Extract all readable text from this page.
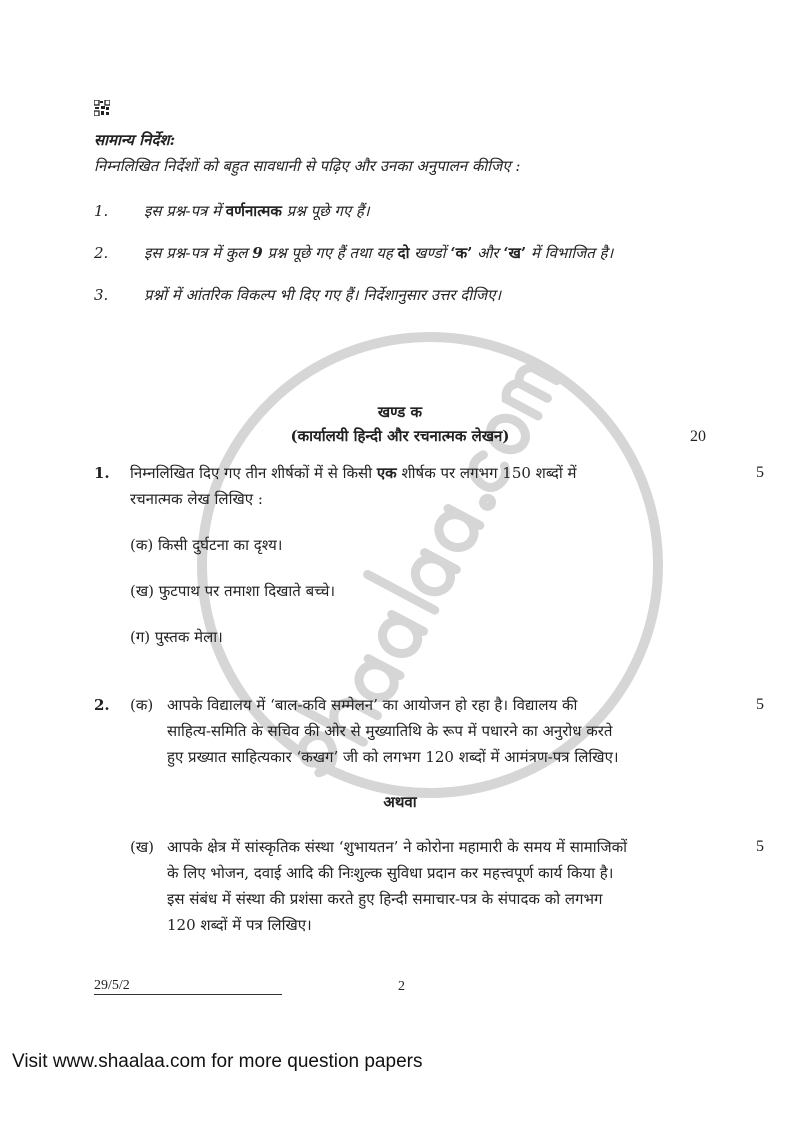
सामान्य निर्देश:
निम्नलिखित निर्देशों को बहुत सावधानी से पढ़िए और उनका अनुपालन कीजिए :
1.	इस प्रश्न-पत्र में वर्णनात्मक प्रश्न पूछे गए हैं।
2.	इस प्रश्न-पत्र में कुल 9 प्रश्न पूछे गए हैं तथा यह दो खण्डों ‘क’ और ‘ख’ में विभाजित है।
3.	प्रश्नों में आंतरिक विकल्प भी दिए गए हैं। निर्देशानुसार उत्तर दीजिए।
खण्ड क
(कार्यालयी हिन्दी और रचनात्मक लेखन)	20
1.	निम्नलिखित दिए गए तीन शीर्षकों में से किसी एक शीर्षक पर लगभग 150 शब्दों में
रचनात्मक लेख लिखिए :
(क) किसी दुर्घटना का दृश्य।
(ख) फुटपाथ पर तमाशा दिखाते बच्चे।
(ग) पुस्तक मेला।
5
2.	(क) आपके विद्यालय में ‘बाल-कवि सम्मेलन’ का आयोजन हो रहा है। विद्यालय की
साहित्य-समिति के सचिव की ओर से मुख्यातिथि के रूप में पधारने का अनुरोध करते
हुए प्रख्यात साहित्यकार ‘कखग’ जी को लगभग 120 शब्दों में आमंत्रण-पत्र लिखिए।
5
अथवा
(ख) आपके क्षेत्र में सांस्कृतिक संस्था ‘शुभायतन’ ने कोरोना महामारी के समय में सामाजिकों
के लिए भोजन, दवाई आदि की निःशुल्क सुविधा प्रदान कर महत्त्वपूर्ण कार्य किया है।
इस संबंध में संस्था की प्रशंसा करते हुए हिन्दी समाचार-पत्र के संपादक को लगभग
120 शब्दों में पत्र लिखिए।
5
29/5/2	2
Visit www.shaalaa.com for more question papers
